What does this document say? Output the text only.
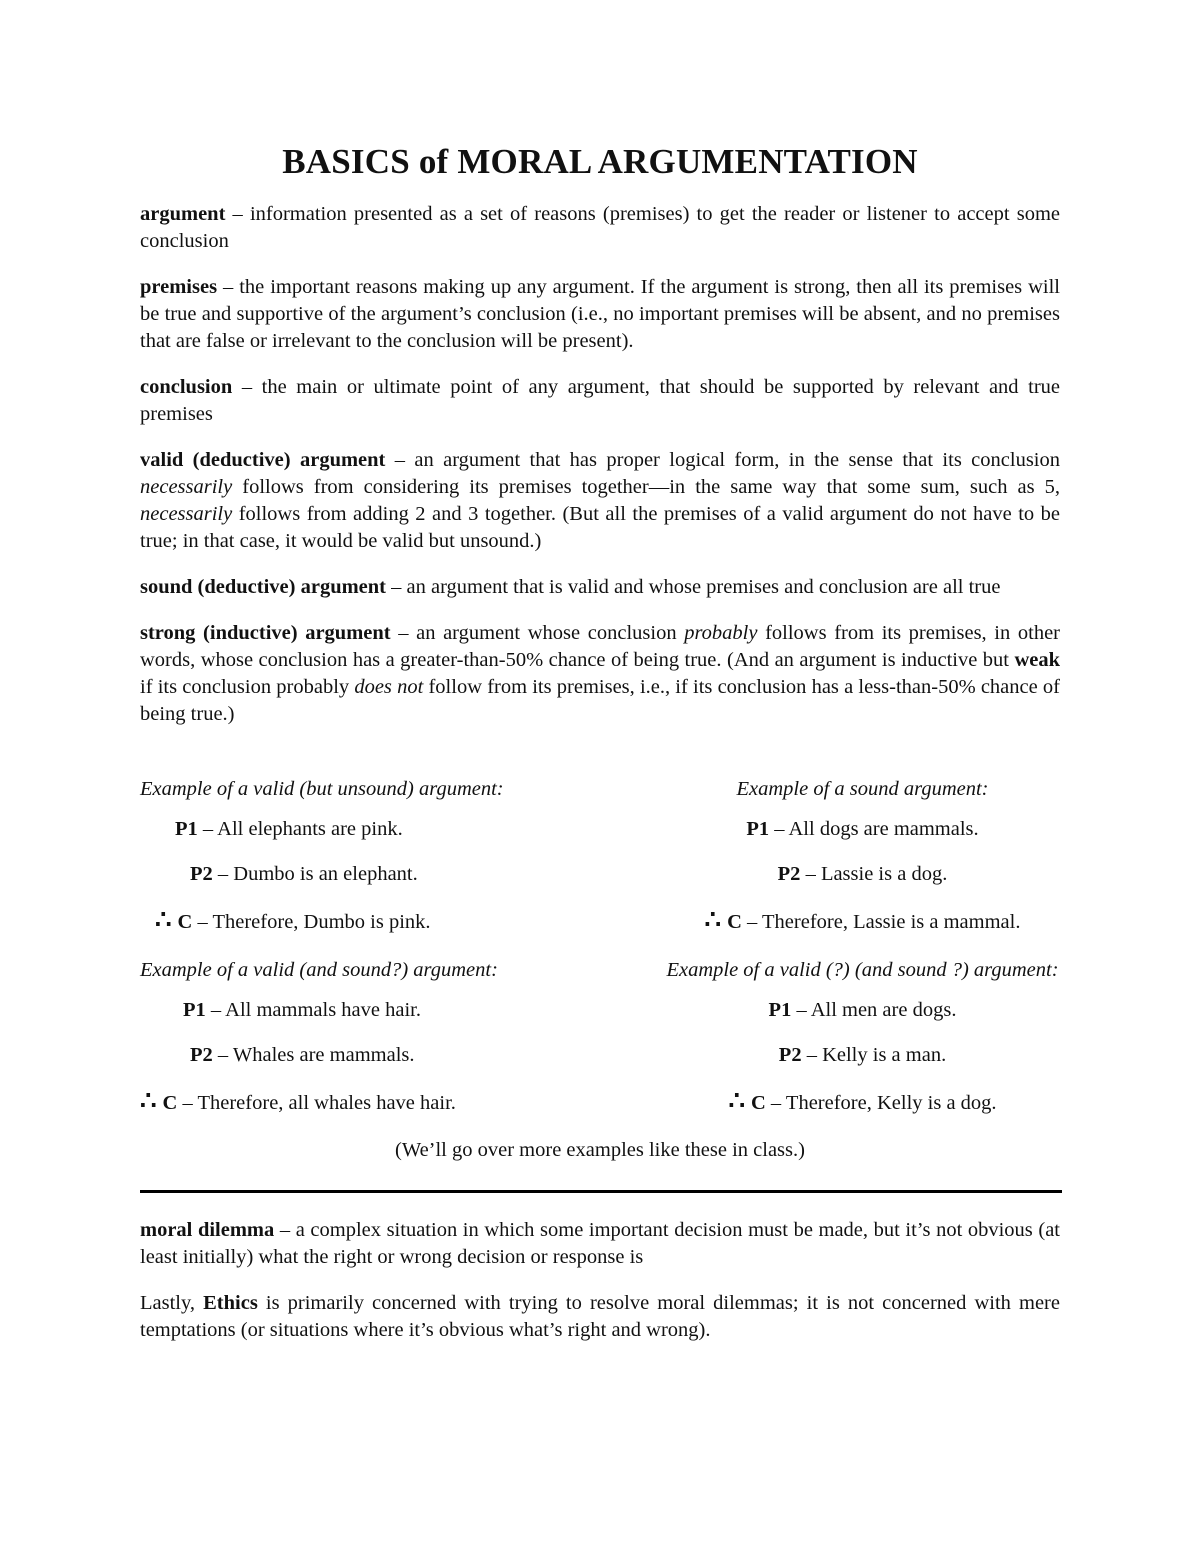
BASICS of MORAL ARGUMENTATION

argument – information presented as a set of reasons (premises) to get the reader or listener to accept some conclusion

premises – the important reasons making up any argument. If the argument is strong, then all its premises will be true and supportive of the argument’s conclusion (i.e., no important premises will be absent, and no premises that are false or irrelevant to the conclusion will be present).

conclusion – the main or ultimate point of any argument, that should be supported by relevant and true premises

valid (deductive) argument – an argument that has proper logical form, in the sense that its conclusion necessarily follows from considering its premises together—in the same way that some sum, such as 5, necessarily follows from adding 2 and 3 together. (But all the premises of a valid argument do not have to be true; in that case, it would be valid but unsound.)

sound (deductive) argument – an argument that is valid and whose premises and conclusion are all true

strong (inductive) argument – an argument whose conclusion probably follows from its premises, in other words, whose conclusion has a greater-than-50% chance of being true. (And an argument is inductive but weak if its conclusion probably does not follow from its premises, i.e., if its conclusion has a less-than-50% chance of being true.)

Example of a valid (but unsound) argument:
P1 – All elephants are pink.
P2 – Dumbo is an elephant.
∴ C – Therefore, Dumbo is pink.
Example of a sound argument:
P1 – All dogs are mammals.
P2 – Lassie is a dog.
∴ C – Therefore, Lassie is a mammal.
Example of a valid (and sound?) argument:
P1 – All mammals have hair.
P2 – Whales are mammals.
∴ C – Therefore, all whales have hair.
Example of a valid (?) (and sound ?) argument:
P1 – All men are dogs.
P2 – Kelly is a man.
∴ C – Therefore, Kelly is a dog.
(We’ll go over more examples like these in class.)

moral dilemma – a complex situation in which some important decision must be made, but it’s not obvious (at least initially) what the right or wrong decision or response is

Lastly, Ethics is primarily concerned with trying to resolve moral dilemmas; it is not concerned with mere temptations (or situations where it’s obvious what’s right and wrong).
